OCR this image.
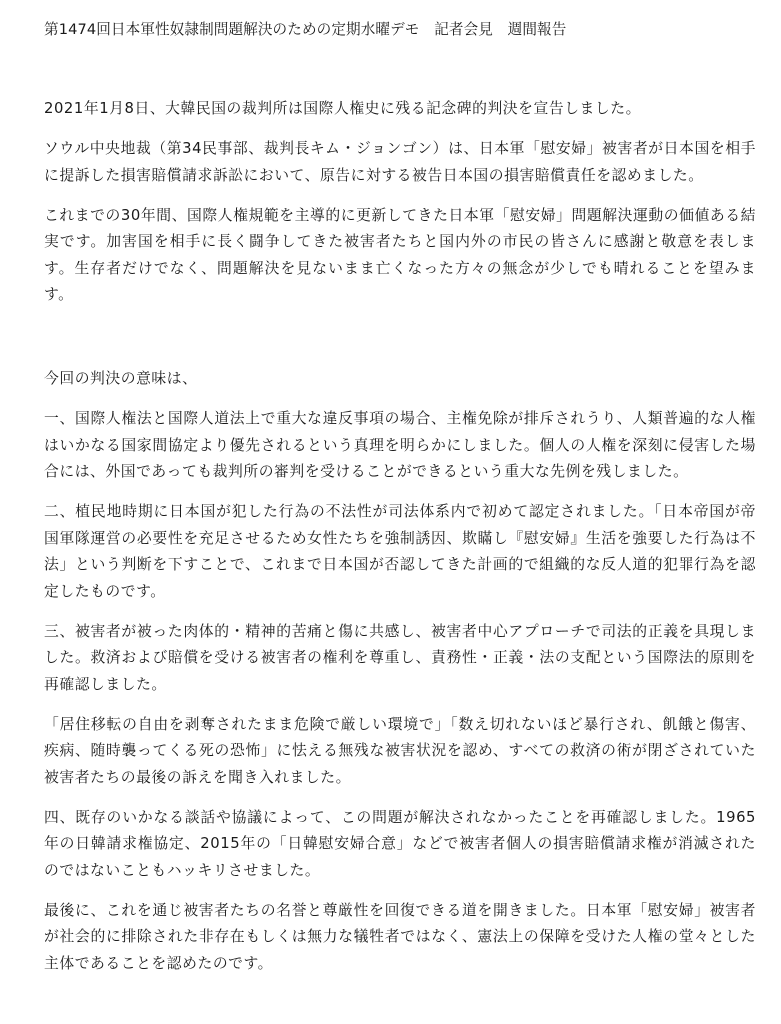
第1474回日本軍性奴隷制問題解決のための定期水曜デモ　記者会見　週間報告

2021年1月8日、大韓民国の裁判所は国際人権史に残る記念碑的判決を宣告しました。

ソウル中央地裁（第34民事部、裁判長キム・ジョンゴン）は、日本軍「慰安婦」被害者が日本国を相手に提訴した損害賠償請求訴訟において、原告に対する被告日本国の損害賠償責任を認めました。

これまでの30年間、国際人権規範を主導的に更新してきた日本軍「慰安婦」問題解決運動の価値ある結実です。加害国を相手に長く闘争してきた被害者たちと国内外の市民の皆さんに感謝と敬意を表します。生存者だけでなく、問題解決を見ないまま亡くなった方々の無念が少しでも晴れることを望みます。

今回の判決の意味は、

一、国際人権法と国際人道法上で重大な違反事項の場合、主権免除が排斥されうり、人類普遍的な人権はいかなる国家間協定より優先されるという真理を明らかにしました。個人の人権を深刻に侵害した場合には、外国であっても裁判所の審判を受けることができるという重大な先例を残しました。

二、植民地時期に日本国が犯した行為の不法性が司法体系内で初めて認定されました。「日本帝国が帝国軍隊運営の必要性を充足させるため女性たちを強制誘因、欺瞞し『慰安婦』生活を強要した行為は不法」という判断を下すことで、これまで日本国が否認してきた計画的で組織的な反人道的犯罪行為を認定したものです。

三、被害者が被った肉体的・精神的苦痛と傷に共感し、被害者中心アプローチで司法的正義を具現しました。救済および賠償を受ける被害者の権利を尊重し、責務性・正義・法の支配という国際法的原則を再確認しました。

「居住移転の自由を剥奪されたまま危険で厳しい環境で」「数え切れないほど暴行され、飢餓と傷害、疾病、随時襲ってくる死の恐怖」に怯える無残な被害状況を認め、すべての救済の術が閉ざされていた被害者たちの最後の訴えを聞き入れました。

四、既存のいかなる談話や協議によって、この問題が解決されなかったことを再確認しました。1965年の日韓請求権協定、2015年の「日韓慰安婦合意」などで被害者個人の損害賠償請求権が消滅されたのではないこともハッキリさせました。

最後に、これを通じ被害者たちの名誉と尊厳性を回復できる道を開きました。日本軍「慰安婦」被害者が社会的に排除された非存在もしくは無力な犠牲者ではなく、憲法上の保障を受けた人権の堂々とした主体であることを認めたのです。
